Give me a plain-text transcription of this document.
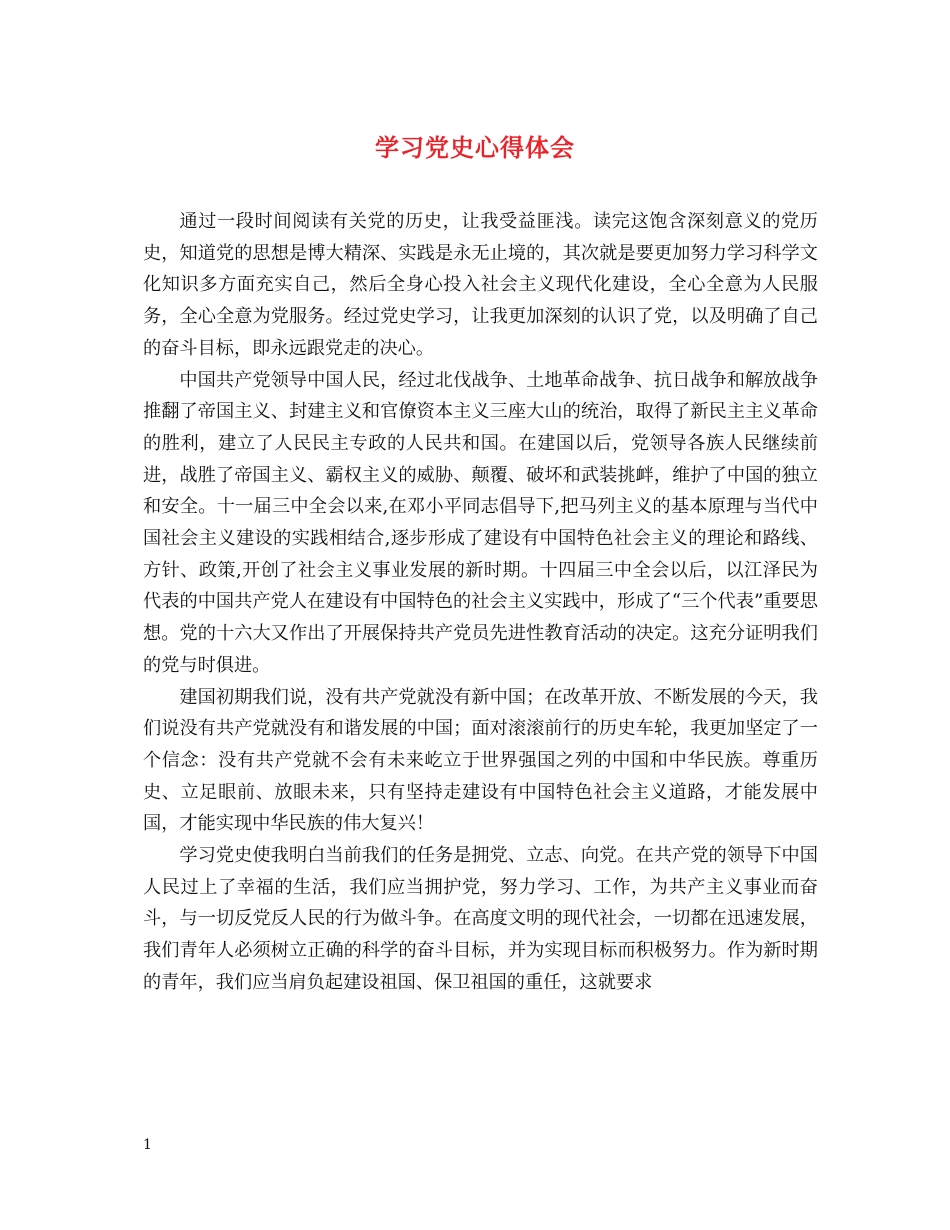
学习党史心得体会

通过一段时间阅读有关党的历史，让我受益匪浅。读完这饱含深刻意义的党历史，知道党的思想是博大精深、实践是永无止境的，其次就是要更加努力学习科学文化知识多方面充实自己，然后全身心投入社会主义现代化建设，全心全意为人民服务，全心全意为党服务。经过党史学习，让我更加深刻的认识了党，以及明确了自己的奋斗目标，即永远跟党走的决心。

中国共产党领导中国人民，经过北伐战争、土地革命战争、抗日战争和解放战争推翻了帝国主义、封建主义和官僚资本主义三座大山的统治，取得了新民主主义革命的胜利，建立了人民民主专政的人民共和国。在建国以后，党领导各族人民继续前进，战胜了帝国主义、霸权主义的威胁、颠覆、破坏和武装挑衅，维护了中国的独立和安全。十一届三中全会以来,在邓小平同志倡导下,把马列主义的基本原理与当代中国社会主义建设的实践相结合,逐步形成了建设有中国特色社会主义的理论和路线、方针、政策,开创了社会主义事业发展的新时期。十四届三中全会以后，以江泽民为代表的中国共产党人在建设有中国特色的社会主义实践中，形成了“三个代表”重要思想。党的十六大又作出了开展保持共产党员先进性教育活动的决定。这充分证明我们的党与时俱进。

建国初期我们说，没有共产党就没有新中国；在改革开放、不断发展的今天，我们说没有共产党就没有和谐发展的中国；面对滚滚前行的历史车轮，我更加坚定了一个信念：没有共产党就不会有未来屹立于世界强国之列的中国和中华民族。尊重历史、立足眼前、放眼未来，只有坚持走建设有中国特色社会主义道路，才能发展中国，才能实现中华民族的伟大复兴！

学习党史使我明白当前我们的任务是拥党、立志、向党。在共产党的领导下中国人民过上了幸福的生活，我们应当拥护党，努力学习、工作，为共产主义事业而奋斗，与一切反党反人民的行为做斗争。在高度文明的现代社会，一切都在迅速发展，我们青年人必须树立正确的科学的奋斗目标，并为实现目标而积极努力。作为新时期的青年，我们应当肩负起建设祖国、保卫祖国的重任，这就要求

1
